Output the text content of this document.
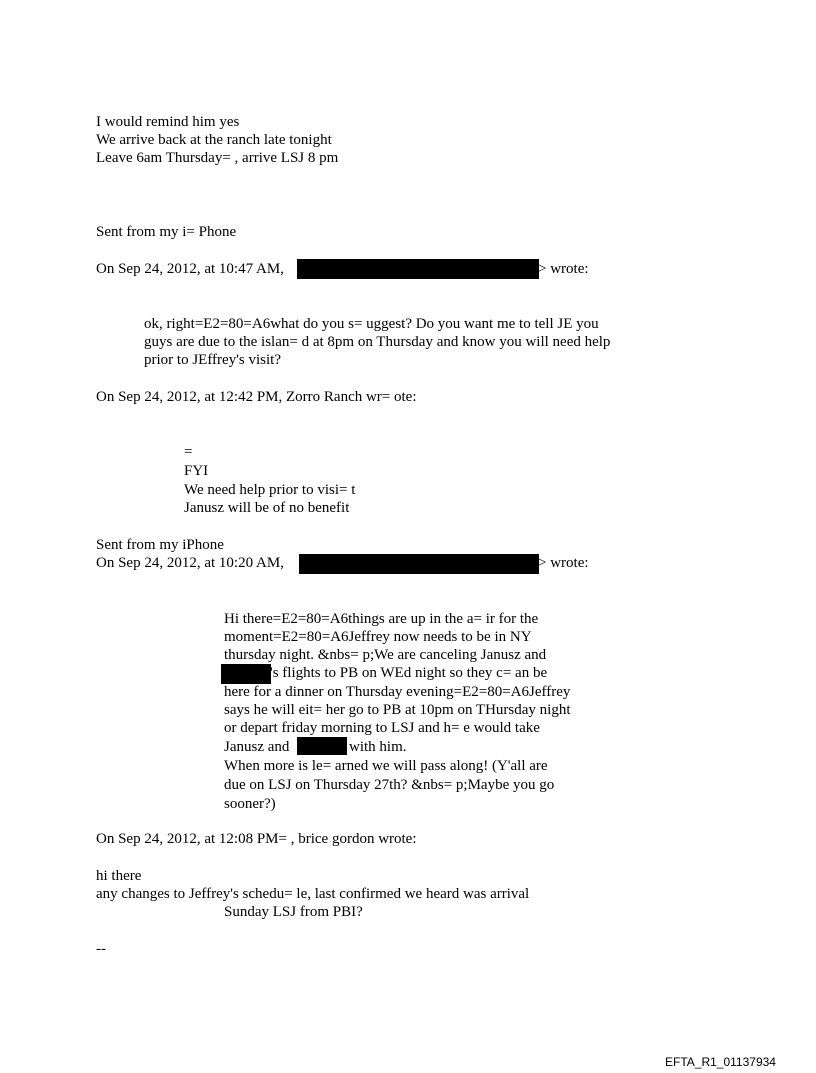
I would remind him yes
We arrive back at the ranch late tonight
Leave 6am Thursday= , arrive LSJ 8 pm
Sent from my i= Phone
On Sep 24, 2012, at 10:47 AM,	> wrote:
ok, right=E2=80=A6what do you s= uggest? Do you want me to tell JE you
guys are due to the islan= d at 8pm on Thursday and know you will need help
prior to JEffrey's visit?
On Sep 24, 2012, at 12:42 PM, Zorro Ranch wr= ote:
=
FYI
We need help prior to visi= t
Janusz will be of no benefit
Sent from my iPhone
On Sep 24, 2012, at 10:20 AM,	> wrote:
Hi there=E2=80=A6things are up in the a= ir for the
moment=E2=80=A6Jeffrey now needs to be in NY
thursday night. &nbs= p;We are canceling Janusz and
's flights to PB on WEd night so they c= an be
here for a dinner on Thursday evening=E2=80=A6Jeffrey
says he will eit= her go to PB at 10pm on THursday night
or depart friday morning to LSJ and h= e would take
Janusz and	with him.
When more is le= arned we will pass along! (Y'all are
due on LSJ on Thursday 27th? &nbs= p;Maybe you go
sooner?)
On Sep 24, 2012, at 12:08 PM= , brice gordon wrote:
hi there
any changes to Jeffrey's schedu= le, last confirmed we heard was arrival
Sunday LSJ from PBI?
--
EFTA_R1_01137934
